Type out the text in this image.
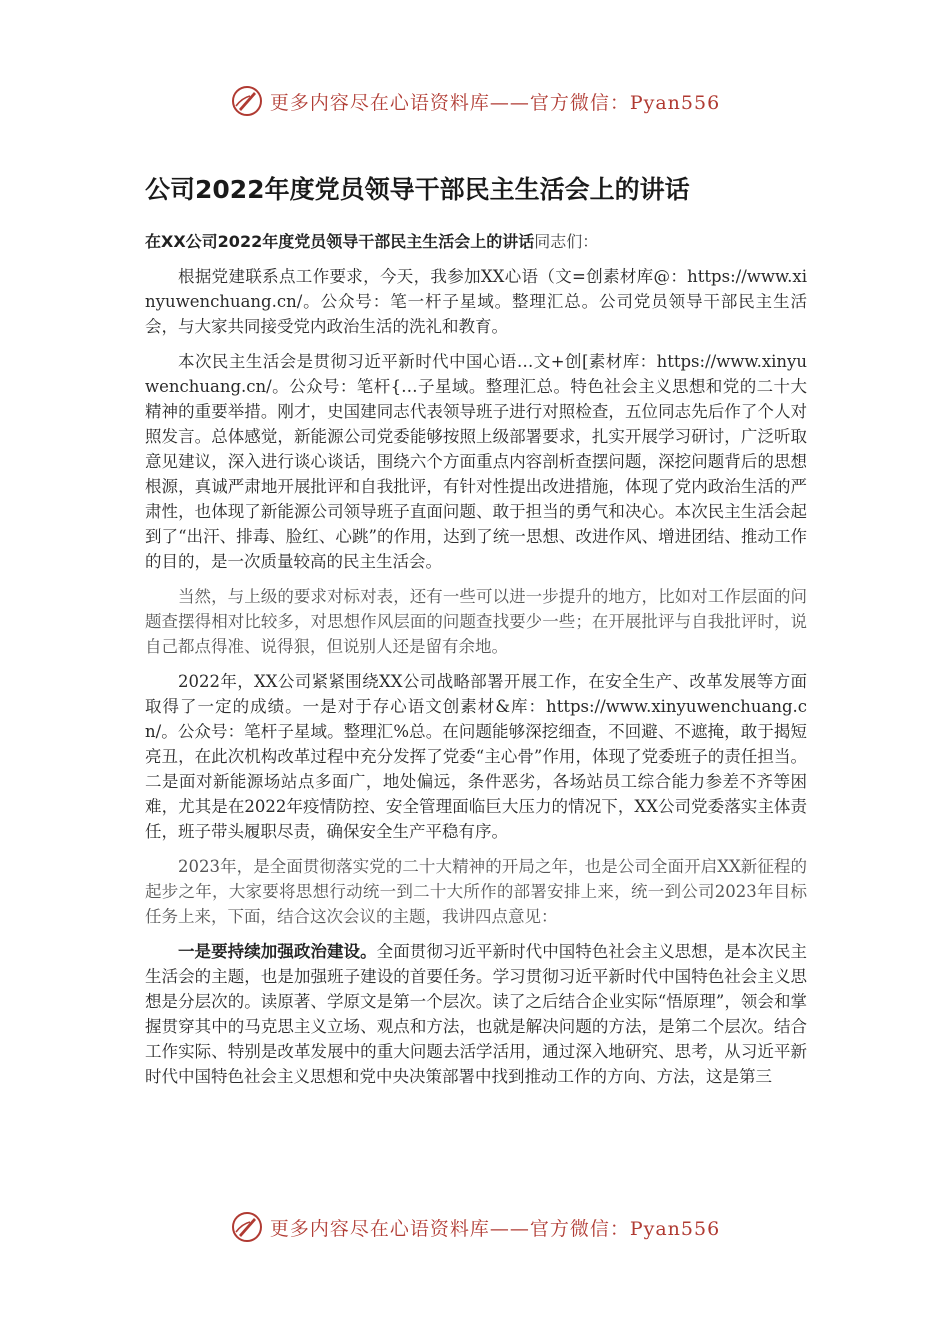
更多内容尽在心语资料库——官方微信：Pyan556
公司2022年度党员领导干部民主生活会上的讲话

在XX公司2022年度党员领导干部民主生活会上的讲话同志们：

根据党建联系点工作要求，今天，我参加XX心语（文=创素材库@：https://www.xinyuwenchuang.cn/。公众号：笔一杆子星域。整理汇总。公司党员领导干部民主生活会，与大家共同接受党内政治生活的洗礼和教育。

本次民主生活会是贯彻习近平新时代中国心语…文+创[素材库：https://www.xinyuwenchuang.cn/。公众号：笔杆{…子星域。整理汇总。特色社会主义思想和党的二十大精神的重要举措。刚才，史国建同志代表领导班子进行对照检查，五位同志先后作了个人对照发言。总体感觉，新能源公司党委能够按照上级部署要求，扎实开展学习研讨，广泛听取意见建议，深入进行谈心谈话，围绕六个方面重点内容剖析查摆问题，深挖问题背后的思想根源，真诚严肃地开展批评和自我批评，有针对性提出改进措施，体现了党内政治生活的严肃性，也体现了新能源公司领导班子直面问题、敢于担当的勇气和决心。本次民主生活会起到了“出汗、排毒、脸红、心跳”的作用，达到了统一思想、改进作风、增进团结、推动工作的目的，是一次质量较高的民主生活会。

当然，与上级的要求对标对表，还有一些可以进一步提升的地方，比如对工作层面的问题查摆得相对比较多，对思想作风层面的问题查找要少一些；在开展批评与自我批评时，说自己都点得准、说得狠，但说别人还是留有余地。

2022年，XX公司紧紧围绕XX公司战略部署开展工作，在安全生产、改革发展等方面取得了一定的成绩。一是对于存心语文创素材&库：https://www.xinyuwenchuang.cn/。公众号：笔杆子星域。整理汇%总。在问题能够深挖细查，不回避、不遮掩，敢于揭短亮丑，在此次机构改革过程中充分发挥了党委“主心骨”作用，体现了党委班子的责任担当。二是面对新能源场站点多面广，地处偏远，条件恶劣，各场站员工综合能力参差不齐等困难，尤其是在2022年疫情防控、安全管理面临巨大压力的情况下，XX公司党委落实主体责任，班子带头履职尽责，确保安全生产平稳有序。

2023年，是全面贯彻落实党的二十大精神的开局之年，也是公司全面开启XX新征程的起步之年，大家要将思想行动统一到二十大所作的部署安排上来，统一到公司2023年目标任务上来，下面，结合这次会议的主题，我讲四点意见：

一是要持续加强政治建设。全面贯彻习近平新时代中国特色社会主义思想，是本次民主生活会的主题，也是加强班子建设的首要任务。学习贯彻习近平新时代中国特色社会主义思想是分层次的。读原著、学原文是第一个层次。读了之后结合企业实际“悟原理”，领会和掌握贯穿其中的马克思主义立场、观点和方法，也就是解决问题的方法，是第二个层次。结合工作实际、特别是改革发展中的重大问题去活学活用，通过深入地研究、思考，从习近平新时代中国特色社会主义思想和党中央决策部署中找到推动工作的方向、方法，这是第三

更多内容尽在心语资料库——官方微信：Pyan556
